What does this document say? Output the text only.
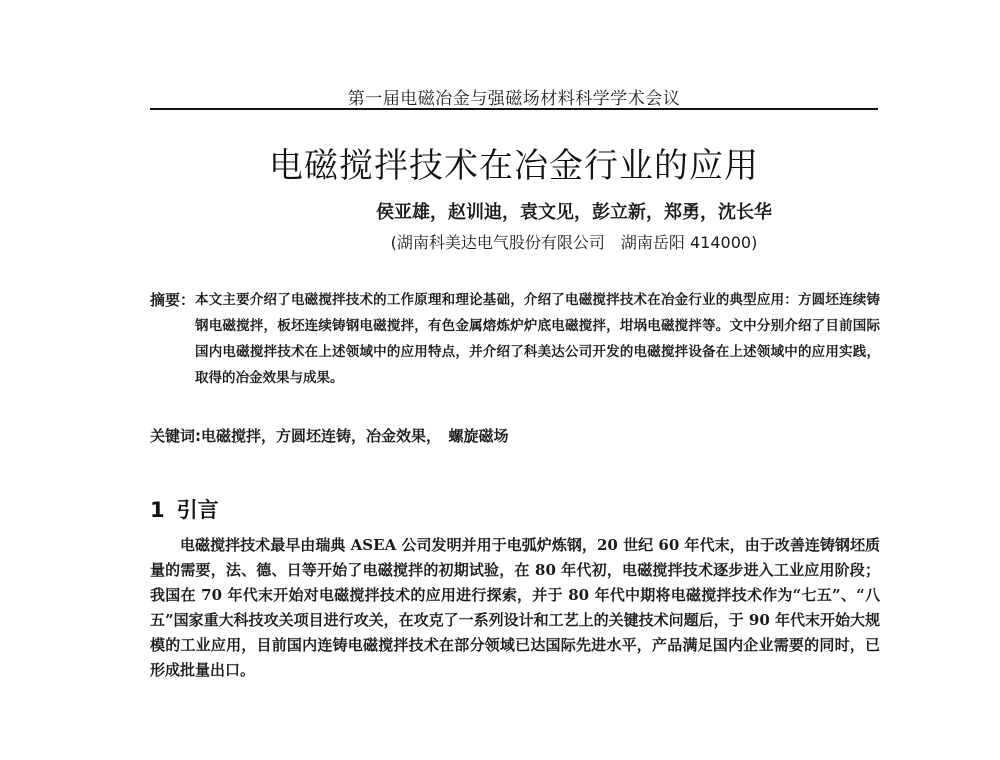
第一届电磁冶金与强磁场材料科学学术会议
电磁搅拌技术在冶金行业的应用
侯亚雄，赵训迪，袁文见，彭立新，郑勇，沈长华
(湖南科美达电气股份有限公司　湖南岳阳 414000)
摘要： 本文主要介绍了电磁搅拌技术的工作原理和理论基础，介绍了电磁搅拌技术在冶金行业的典型应用：方圆坯连续铸钢电磁搅拌，板坯连续铸钢电磁搅拌，有色金属熔炼炉炉底电磁搅拌，坩埚电磁搅拌等。文中分别介绍了目前国际国内电磁搅拌技术在上述领域中的应用特点，并介绍了科美达公司开发的电磁搅拌设备在上述领域中的应用实践，取得的冶金效果与成果。
关键词:电磁搅拌，方圆坯连铸，冶金效果，　螺旋磁场
1 引言

电磁搅拌技术最早由瑞典 ASEA 公司发明并用于电弧炉炼钢，20 世纪 60 年代末，由于改善连铸钢坯质量的需要，法、德、日等开始了电磁搅拌的初期试验，在 80 年代初，电磁搅拌技术逐步进入工业应用阶段；我国在 70 年代末开始对电磁搅拌技术的应用进行探索，并于 80 年代中期将电磁搅拌技术作为“七五”、“八五”国家重大科技攻关项目进行攻关，在攻克了一系列设计和工艺上的关键技术问题后，于 90 年代末开始大规模的工业应用，目前国内连铸电磁搅拌技术在部分领域已达国际先进水平，产品满足国内企业需要的同时，已形成批量出口。
